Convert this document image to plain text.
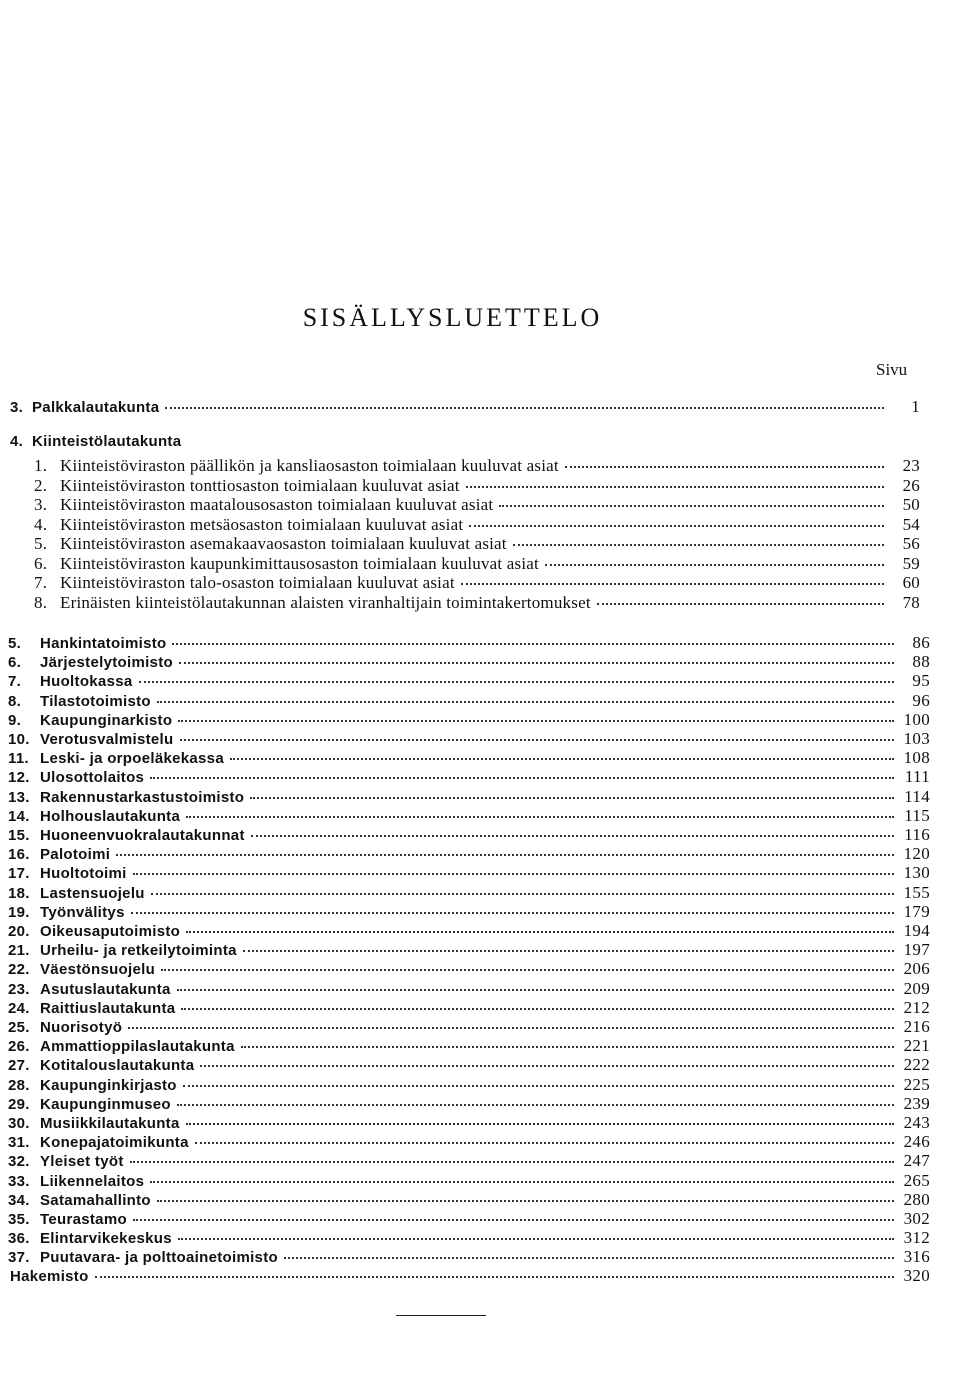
SISÄLLYSLUETTELO
Sivu
3. Palkkalautakunta	1
4. Kiinteistölautakunta
1. Kiinteistöviraston päällikön ja kansliaosaston toimialaan kuuluvat asiat	23
2. Kiinteistöviraston tonttiosaston toimialaan kuuluvat asiat	26
3. Kiinteistöviraston maatalousosaston toimialaan kuuluvat asiat	50
4. Kiinteistöviraston metsäosaston toimialaan kuuluvat asiat	54
5. Kiinteistöviraston asemakaavaosaston toimialaan kuuluvat asiat	56
6. Kiinteistöviraston kaupunkimittausosaston toimialaan kuuluvat asiat	59
7. Kiinteistöviraston talo-osaston toimialaan kuuluvat asiat	60
8. Erinäisten kiinteistölautakunnan alaisten viranhaltijain toimintakertomukset	78
5.	Hankintatoimisto	86
6.	Järjestelytoimisto	88
7.	Huoltokassa	95
8.	Tilastotoimisto	96
9.	Kaupunginarkisto	100
10. Verotusvalmistelu	103
11. Leski- ja orpoeläkekassa	108
12. Ulosottolaitos	111
13. Rakennustarkastustoimisto	114
14. Holhouslautakunta	115
15. Huoneenvuokralautakunnat	116
16. Palotoimi	120
17. Huoltotoimi	130
18. Lastensuojelu	155
19. Työnvälitys	179
20. Oikeusaputoimisto	194
21. Urheilu- ja retkeilytoiminta	197
22. Väestönsuojelu	206
23. Asutuslautakunta	209
24. Raittiuslautakunta	212
25. Nuorisotyö	216
26. Ammattioppilaslautakunta	221
27. Kotitalouslautakunta	222
28. Kaupunginkirjasto	225
29. Kaupunginmuseo	239
30. Musiikkilautakunta	243
31. Konepajatoimikunta	246
32. Yleiset työt	247
33. Liikennelaitos	265
34. Satamahallinto	280
35. Teurastamo	302
36. Elintarvikekeskus	312
37. Puutavara- ja polttoainetoimisto	316
Hakemisto	320
